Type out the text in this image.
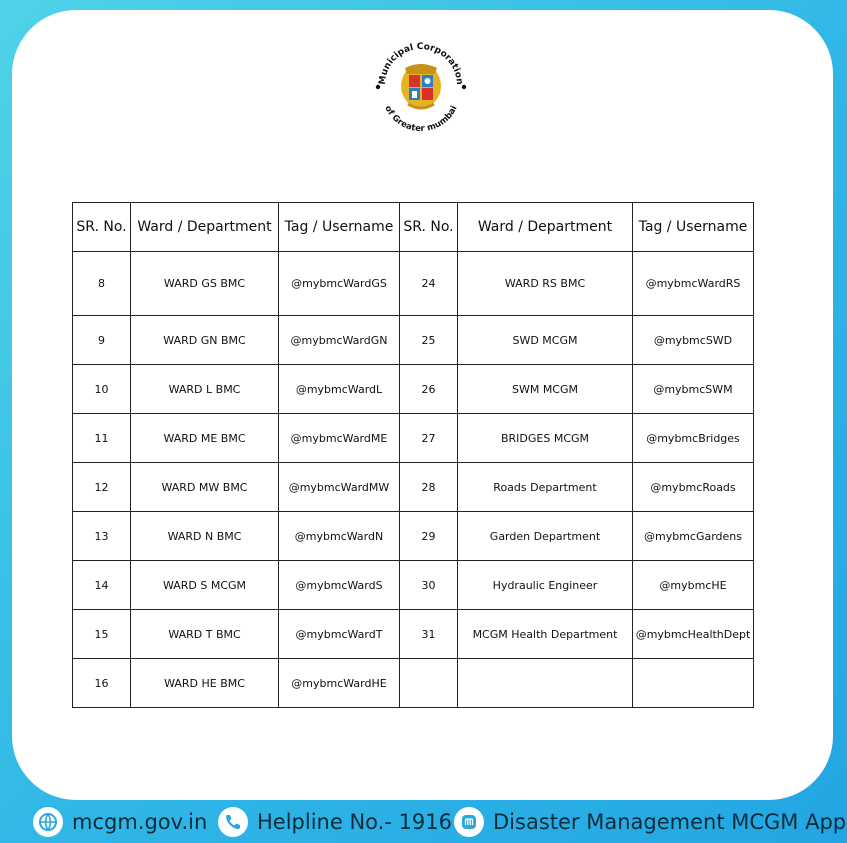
Municipal Corporation
of Greater mumbai
SR. No.	Ward / Department	Tag / Username	SR. No.	Ward / Department	Tag / Username
8	WARD GS BMC	@mybmcWardGS	24	WARD RS BMC	@mybmcWardRS
9	WARD GN BMC	@mybmcWardGN	25	SWD MCGM	@mybmcSWD
10	WARD L BMC	@mybmcWardL	26	SWM MCGM	@mybmcSWM
11	WARD ME BMC	@mybmcWardME	27	BRIDGES MCGM	@mybmcBridges
12	WARD MW BMC	@mybmcWardMW	28	Roads Department	@mybmcRoads
13	WARD N BMC	@mybmcWardN	29	Garden Department	@mybmcGardens
14	WARD S MCGM	@mybmcWardS	30	Hydraulic Engineer	@mybmcHE
15	WARD T BMC	@mybmcWardT	31	MCGM Health Department	@mybmcHealthDept
16	WARD HE BMC	@mybmcWardHE			
mcgm.gov.in Helpline No.- 1916 Disaster Management MCGM App
